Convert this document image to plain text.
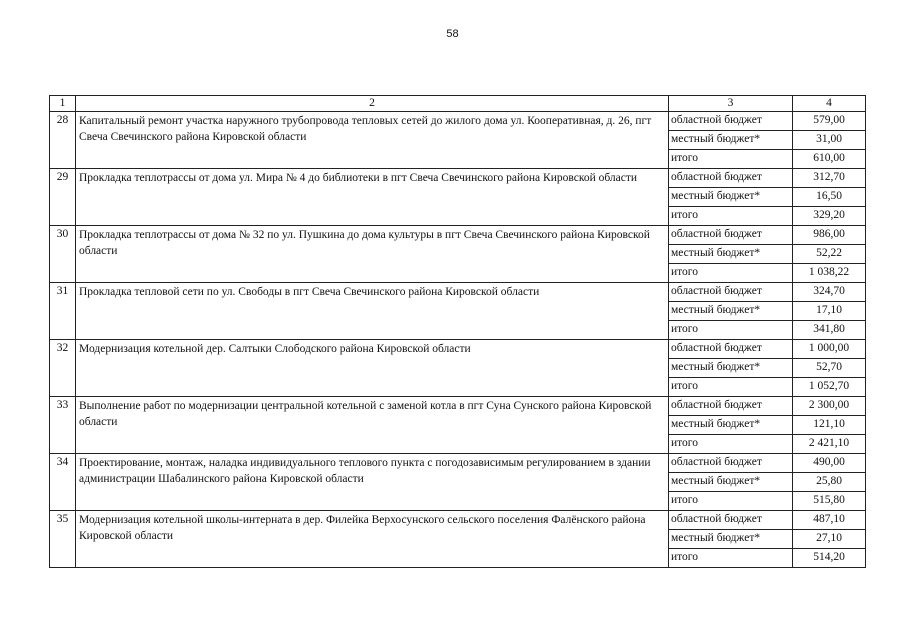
58
1	2	3	4
28	Капитальный ремонт участка наружного трубопровода тепловых сетей до жилого дома ул. Кооперативная, д. 26, пгт Свеча Свечинского района Кировской области	областной бюджет	579,00
		местный бюджет*	31,00
		итого	610,00
29	Прокладка теплотрассы от дома ул. Мира № 4 до библиотеки в пгт Свеча Свечинского района Кировской области	областной бюджет	312,70
		местный бюджет*	16,50
		итого	329,20
30	Прокладка теплотрассы от дома № 32 по ул. Пушкина до дома культуры в пгт Свеча Свечинского района Кировской области	областной бюджет	986,00
		местный бюджет*	52,22
		итого	1 038,22
31	Прокладка тепловой сети по ул. Свободы в пгт Свеча Свечинского района Кировской области	областной бюджет	324,70
		местный бюджет*	17,10
		итого	341,80
32	Модернизация котельной дер. Салтыки Слободского района Кировской области	областной бюджет	1 000,00
		местный бюджет*	52,70
		итого	1 052,70
33	Выполнение работ по модернизации центральной котельной с заменой котла в пгт Суна Сунского района Кировской области	областной бюджет	2 300,00
		местный бюджет*	121,10
		итого	2 421,10
34	Проектирование, монтаж, наладка индивидуального теплового пункта с погодозависимым регулированием в здании администрации Шабалинского района Кировской области	областной бюджет	490,00
		местный бюджет*	25,80
		итого	515,80
35	Модернизация котельной школы-интерната в дер. Филейка Верхосунского сельского поселения Фалёнского района Кировской области	областной бюджет	487,10
		местный бюджет*	27,10
		итого	514,20
